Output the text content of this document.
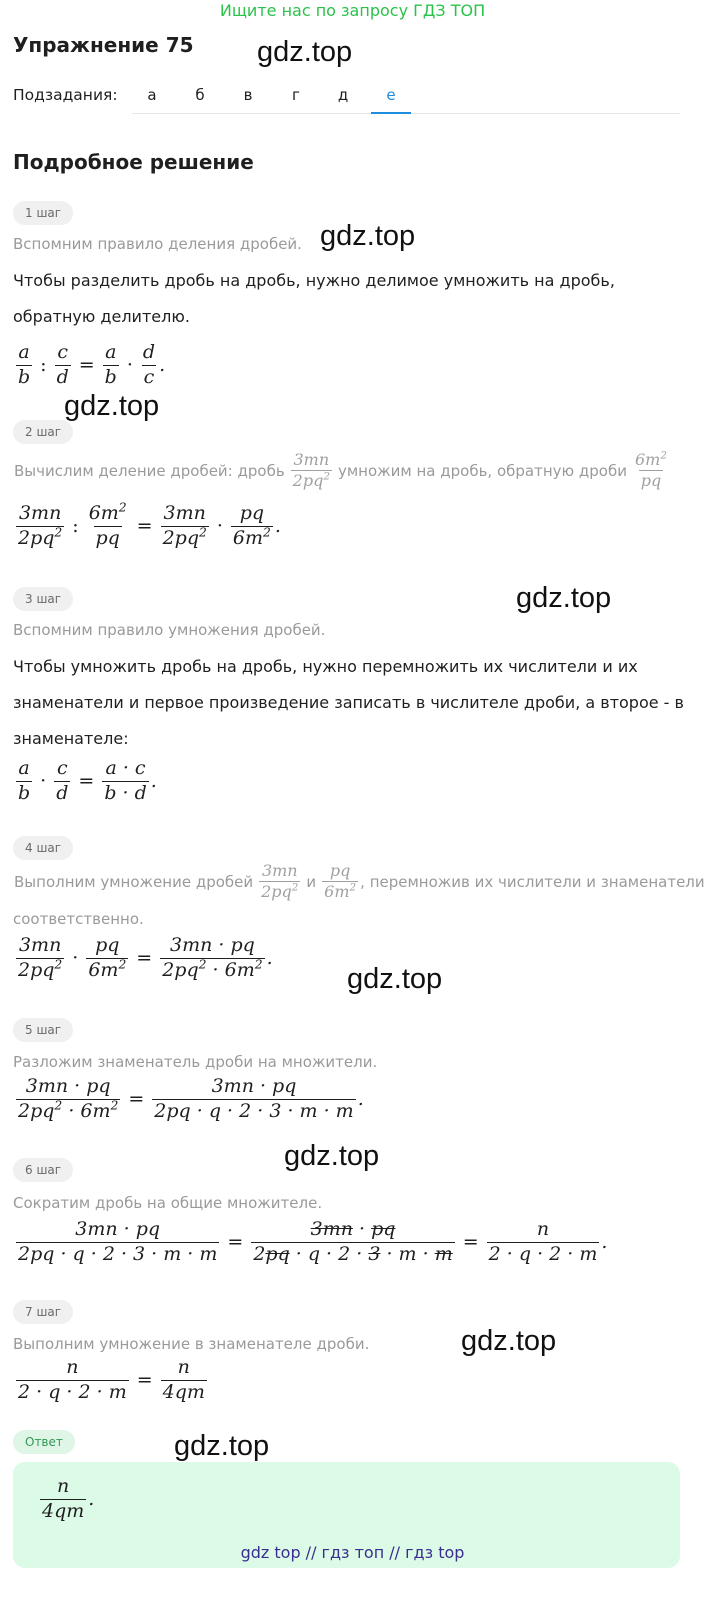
Ищите нас по запросу ГДЗ ТОП
Упражнение 75 gdz.top
Подзадания:	а	б	в	г	д	е
Подробное решение
1 шаг
Вспомним правило деления дробей. gdz.top
Чтобы разделить дробь на дробь, нужно делимое умножить на дробь,
обратную делителю.
$\frac{a}{b}$ : $\frac{c}{d} = \frac{a}{b} \cdot \frac{d}{c}$ .
gdz.top
2 шаг
Вычислим деление дробей: дробь $\frac{3mn}{2pq^2}$ умножим на дробь, обратную дроби $\frac{6m^2}{pq}$
$\frac{3mn}{2pq^2}$ : $\frac{6m^2}{pq} = \frac{3mn}{2pq^2} \cdot \frac{pq}{6m^2}$ .
3 шаг	gdz.top
Вспомним правило умножения дробей.
Чтобы умножить дробь на дробь, нужно перемножить их числители и их
знаменатели и первое произведение записать в числителе дроби, а второе - в
знаменателе:
$\frac{a}{b} \cdot \frac{c}{d} = \frac{a \cdot c}{b \cdot d}$ .
4 шаг
Выполним умножение дробей $\frac{3mn}{2pq^2}$ и $\frac{pq}{6m^2}$ , перемножив их числители и знаменатели
соответственно.
$\frac{3mn}{2pq^2} \cdot \frac{pq}{6m^2} = \frac{3mn \cdot pq}{2pq^2 \cdot 6m^2}$ .
gdz.top
5 шаг
Разложим знаменатель дроби на множители.
$\frac{3mn \cdot pq}{2pq^2 \cdot 6m^2} = \frac{3mn \cdot pq}{2pq \cdot q \cdot 2 \cdot 3 \cdot m \cdot m}$ .
gdz.top
6 шаг
Сократим дробь на общие множителе.
$\frac{3mn \cdot pq}{2pq \cdot q \cdot 2 \cdot 3 \cdot m \cdot m} = \frac{3mn \cdot pq}{2pq \cdot q \cdot 2 \cdot 3 \cdot m \cdot m} = \frac{n}{2 \cdot q \cdot 2 \cdot m}$ .
7 шаг
gdz.top
Выполним умножение в знаменателе дроби.
$\frac{n}{2 \cdot q \cdot 2 \cdot m} = \frac{n}{4qm}$
Ответ	gdz.top
$\frac{n}{4qm}$ .
gdz top // гдз топ // гдз top
